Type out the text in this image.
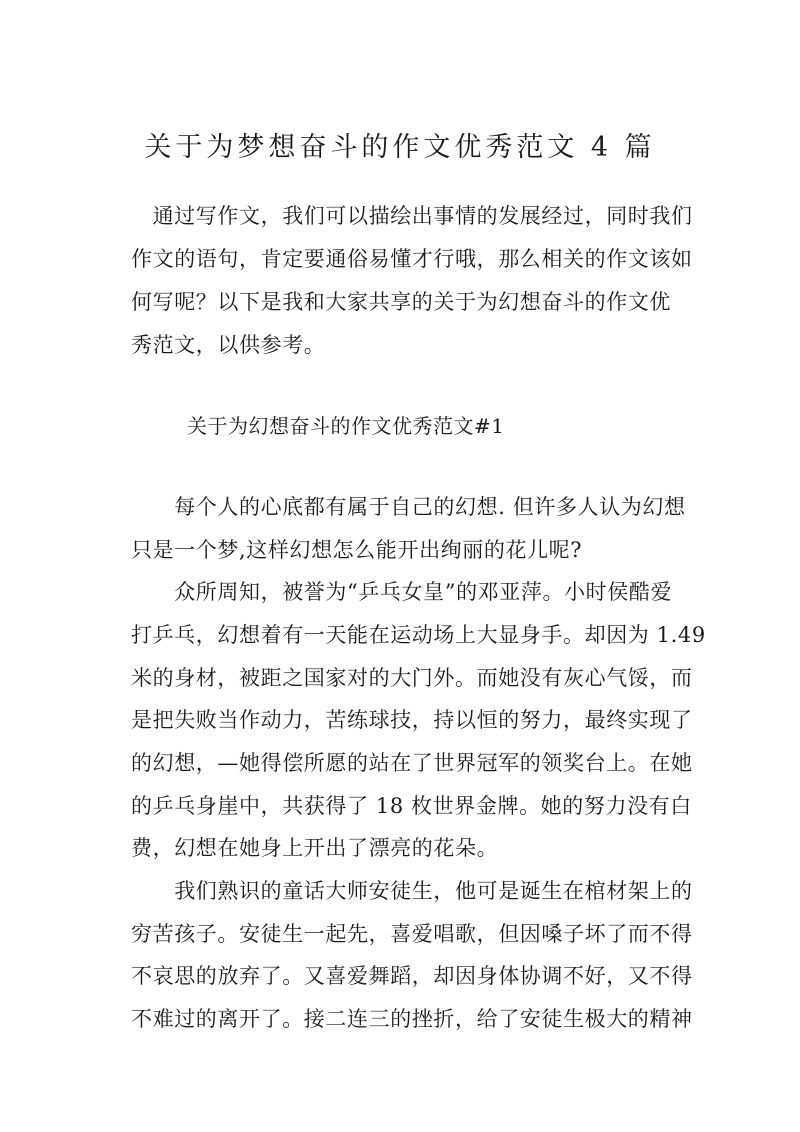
关于为梦想奋斗的作文优秀范文 4 篇
　通过写作文，我们可以描绘出事情的发展经过，同时我们
作文的语句，肯定要通俗易懂才行哦，那么相关的作文该如
何写呢？以下是我和大家共享的关于为幻想奋斗的作文优
秀范文，以供参考。
关于为幻想奋斗的作文优秀范文#1
　　每个人的心底都有属于自己的幻想. 但许多人认为幻想
只是一个梦,这样幻想怎么能开出绚丽的花儿呢?
　　众所周知，被誉为“乒乓女皇”的邓亚萍。小时侯酷爱
打乒乓，幻想着有一天能在运动场上大显身手。却因为 1.49
米的身材，被距之国家对的大门外。而她没有灰心气馁，而
是把失败当作动力，苦练球技，持以恒的努力，最终实现了
的幻想，—她得偿所愿的站在了世界冠军的领奖台上。在她
的乒乓身崖中，共获得了 18 枚世界金牌。她的努力没有白
费，幻想在她身上开出了漂亮的花朵。
　　我们熟识的童话大师安徒生，他可是诞生在棺材架上的
穷苦孩子。安徒生一起先，喜爱唱歌，但因嗓子坏了而不得
不哀思的放弃了。又喜爱舞蹈，却因身体协调不好，又不得
不难过的离开了。接二连三的挫折，给了安徒生极大的精神
